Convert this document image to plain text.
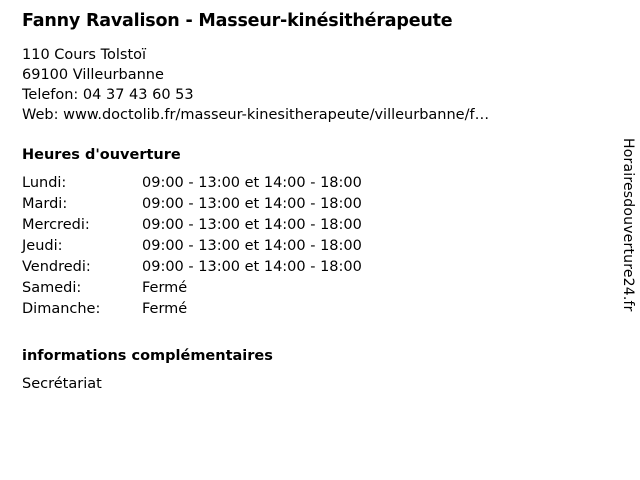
Fanny Ravalison - Masseur-kinésithérapeute
110 Cours Tolstoï
69100 Villeurbanne
Telefon: 04 37 43 60 53
Web: www.doctolib.fr/masseur-kinesitherapeute/villeurbanne/f…
Heures d'ouverture
Lundi:	09:00 - 13:00 et 14:00 - 18:00
Mardi:	09:00 - 13:00 et 14:00 - 18:00
Mercredi:	09:00 - 13:00 et 14:00 - 18:00
Jeudi:	09:00 - 13:00 et 14:00 - 18:00
Vendredi:	09:00 - 13:00 et 14:00 - 18:00
Samedi:	Fermé
Dimanche:	Fermé
informations complémentaires
Secrétariat
Horairesdouverture24.fr
